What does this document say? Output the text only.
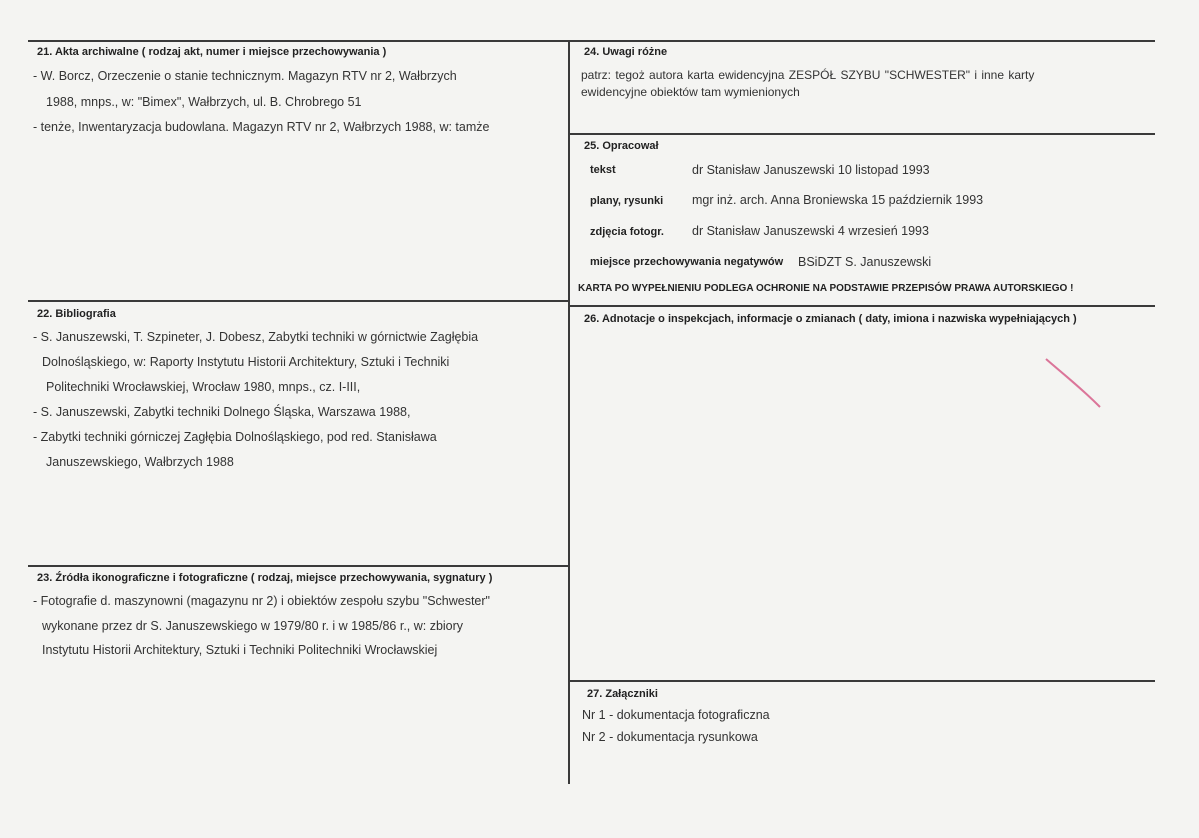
21. Akta archiwalne ( rodzaj akt, numer i miejsce przechowywania )
- W. Borcz, Orzeczenie o stanie technicznym. Magazyn RTV nr 2, Wałbrzych
1988, mnps., w: "Bimex", Wałbrzych, ul. B. Chrobrego 51
- tenże, Inwentaryzacja budowlana. Magazyn RTV nr 2, Wałbrzych 1988, w: tamże
22. Bibliografia
- S. Januszewski, T. Szpineter, J. Dobesz, Zabytki techniki w górnictwie Zagłębia
Dolnośląskiego, w: Raporty Instytutu Historii Architektury, Sztuki i Techniki
Politechniki Wrocławskiej, Wrocław 1980, mnps., cz. I-III,
- S. Januszewski, Zabytki techniki Dolnego Śląska, Warszawa 1988,
- Zabytki techniki górniczej Zagłębia Dolnośląskiego, pod red. Stanisława
Januszewskiego, Wałbrzych 1988
23. Źródła ikonograficzne i fotograficzne ( rodzaj, miejsce przechowywania, sygnatury )
- Fotografie d. maszynowni (magazynu nr 2) i obiektów zespołu szybu "Schwester"
wykonane przez dr S. Januszewskiego w 1979/80 r. i w 1985/86 r., w: zbiory
Instytutu Historii Architektury, Sztuki i Techniki Politechniki Wrocławskiej
24. Uwagi różne
patrz: tegoż autora karta ewidencyjna ZESPÓŁ SZYBU "SCHWESTER" i inne karty
ewidencyjne obiektów tam wymienionych
25. Opracował
tekst	dr Stanisław Januszewski 10 listopad 1993
plany, rysunki mgr inż. arch. Anna Broniewska 15 październik 1993
zdjęcia fotogr. dr Stanisław Januszewski 4 wrzesień 1993
miejsce przechowywania negatywów BSiDZT S. Januszewski
KARTA PO WYPEŁNIENIU PODLEGA OCHRONIE NA PODSTAWIE PRZEPISÓW PRAWA AUTORSKIEGO !
26. Adnotacje o inspekcjach, informacje o zmianach ( daty, imiona i nazwiska wypełniających )
27. Załączniki
Nr 1 - dokumentacja fotograficzna
Nr 2 - dokumentacja rysunkowa
